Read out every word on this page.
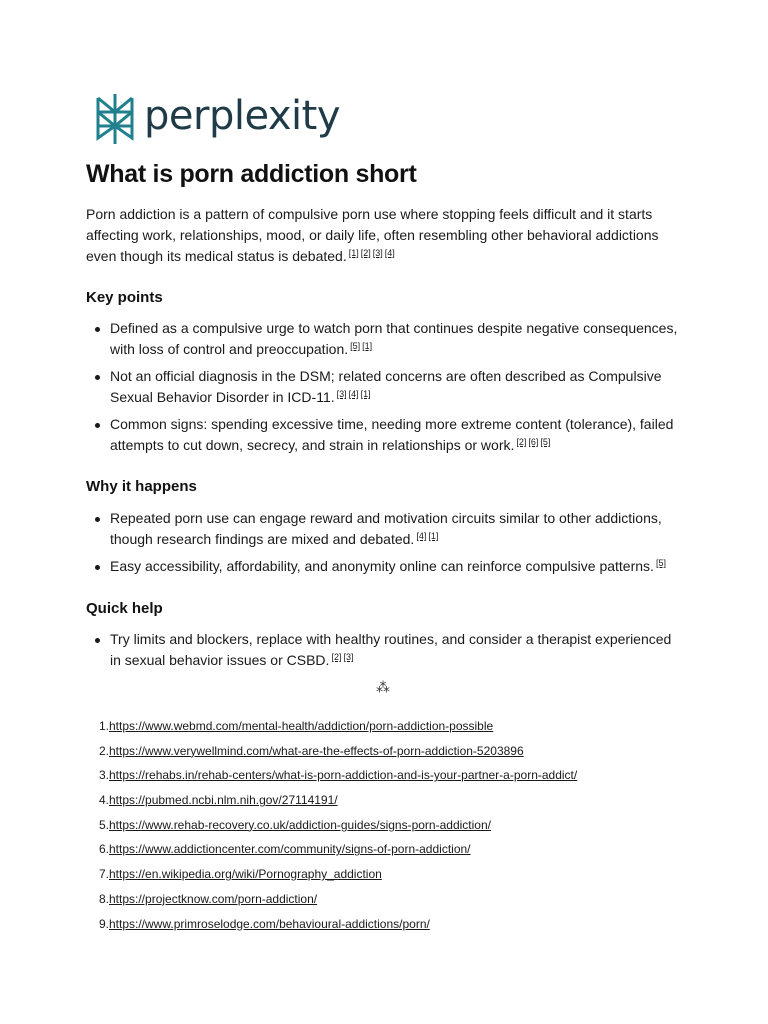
perplexity
What is porn addiction short

Porn addiction is a pattern of compulsive porn use where stopping feels difficult and it starts affecting work, relationships, mood, or daily life, often resembling other behavioral addictions even though its medical status is debated. [1] [2] [3] [4]

Key points
Defined as a compulsive urge to watch porn that continues despite negative consequences, with loss of control and preoccupation. [5] [1]
Not an official diagnosis in the DSM; related concerns are often described as Compulsive Sexual Behavior Disorder in ICD-11. [3] [4] [1]
Common signs: spending excessive time, needing more extreme content (tolerance), failed attempts to cut down, secrecy, and strain in relationships or work. [2] [6] [5]
Why it happens
Repeated porn use can engage reward and motivation circuits similar to other addictions, though research findings are mixed and debated. [4] [1]
Easy accessibility, affordability, and anonymity online can reinforce compulsive patterns. [5]
Quick help
Try limits and blockers, replace with healthy routines, and consider a therapist experienced in sexual behavior issues or CSBD. [2] [3]
⁂
1. https://www.webmd.com/mental-health/addiction/porn-addiction-possible
2. https://www.verywellmind.com/what-are-the-effects-of-porn-addiction-5203896
3. https://rehabs.in/rehab-centers/what-is-porn-addiction-and-is-your-partner-a-porn-addict/
4. https://pubmed.ncbi.nlm.nih.gov/27114191/
5. https://www.rehab-recovery.co.uk/addiction-guides/signs-porn-addiction/
6. https://www.addictioncenter.com/community/signs-of-porn-addiction/
7. https://en.wikipedia.org/wiki/Pornography_addiction
8. https://projectknow.com/porn-addiction/
9. https://www.primroselodge.com/behavioural-addictions/porn/
